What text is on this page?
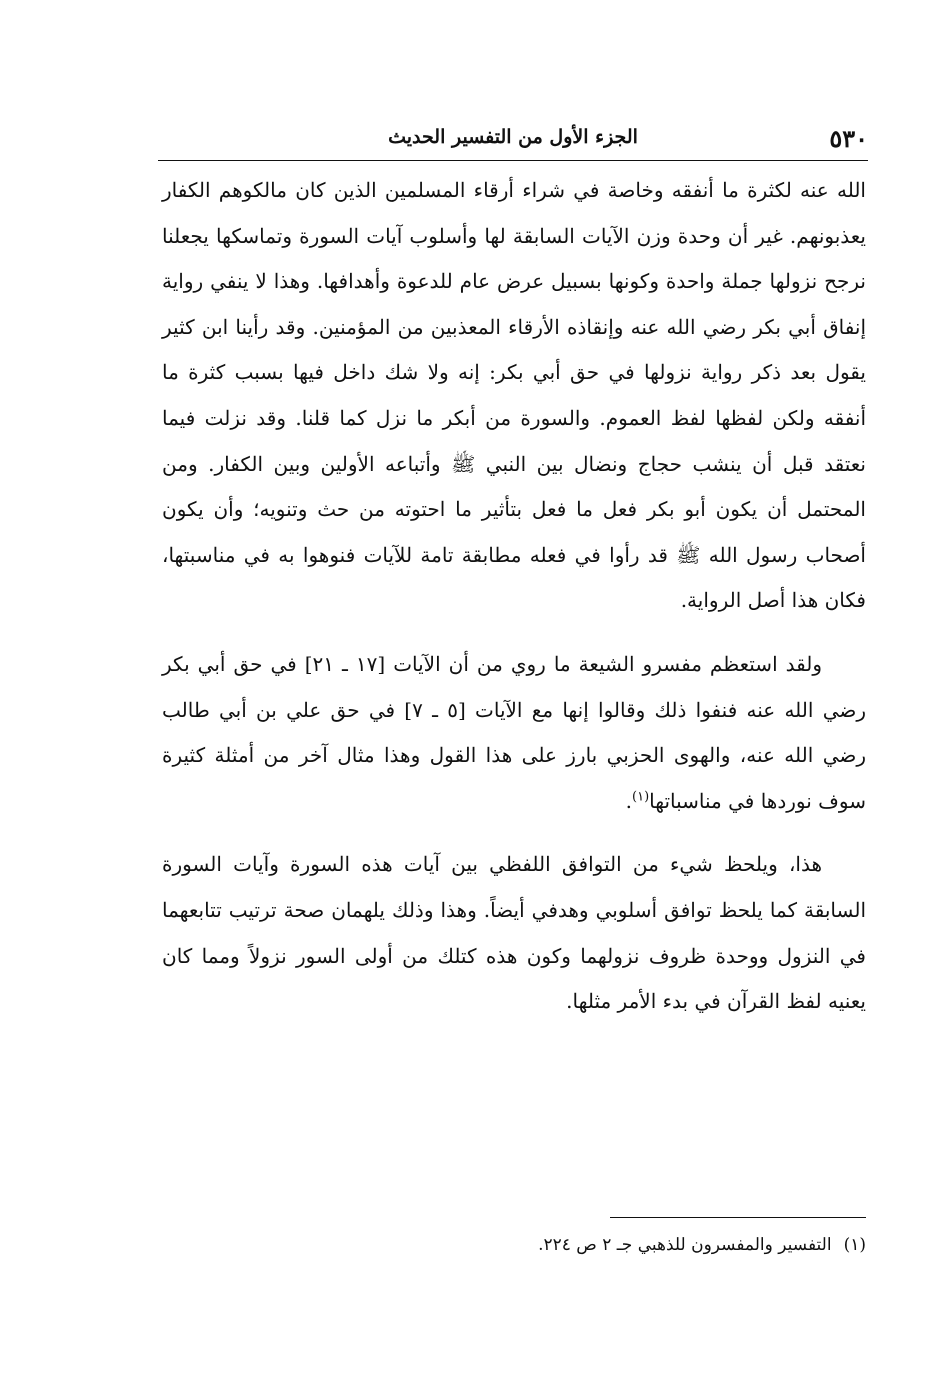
٥٣٠
الجزء الأول من التفسير الحديث

الله عنه لكثرة ما أنفقه وخاصة في شراء أرقاء المسلمين الذين كان مالكوهم الكفار يعذبونهم. غير أن وحدة وزن الآيات السابقة لها وأسلوب آيات السورة وتماسكها يجعلنا نرجح نزولها جملة واحدة وكونها بسبيل عرض عام للدعوة وأهدافها. وهذا لا ينفي رواية إنفاق أبي بكر رضي الله عنه وإنقاذه الأرقاء المعذبين من المؤمنين. وقد رأينا ابن كثير يقول بعد ذكر رواية نزولها في حق أبي بكر: إنه ولا شك داخل فيها بسبب كثرة ما أنفقه ولكن لفظها لفظ العموم. والسورة من أبكر ما نزل كما قلنا. وقد نزلت فيما نعتقد قبل أن ينشب حجاج ونضال بين النبي ﷺ وأتباعه الأولين وبين الكفار. ومن المحتمل أن يكون أبو بكر فعل ما فعل بتأثير ما احتوته من حث وتنويه؛ وأن يكون أصحاب رسول الله ﷺ قد رأوا في فعله مطابقة تامة للآيات فنوهوا به في مناسبتها، فكان هذا أصل الرواية.

ولقد استعظم مفسرو الشيعة ما روي من أن الآيات [١٧ ـ ٢١] في حق أبي بكر رضي الله عنه فنفوا ذلك وقالوا إنها مع الآيات [٥ ـ ٧] في حق علي بن أبي طالب رضي الله عنه، والهوى الحزبي بارز على هذا القول وهذا مثال آخر من أمثلة كثيرة سوف نوردها في مناسباتها$^{(١)}$.

هذا، ويلحظ شيء من التوافق اللفظي بين آيات هذه السورة وآيات السورة السابقة كما يلحظ توافق أسلوبي وهدفي أيضاً. وهذا وذلك يلهمان صحة ترتيب تتابعهما في النزول ووحدة ظروف نزولهما وكون هذه كتلك من أولى السور نزولاً ومما كان يعنيه لفظ القرآن في بدء الأمر مثلها.

(١)التفسير والمفسرون للذهبي جـ ٢ ص ٢٢٤.
